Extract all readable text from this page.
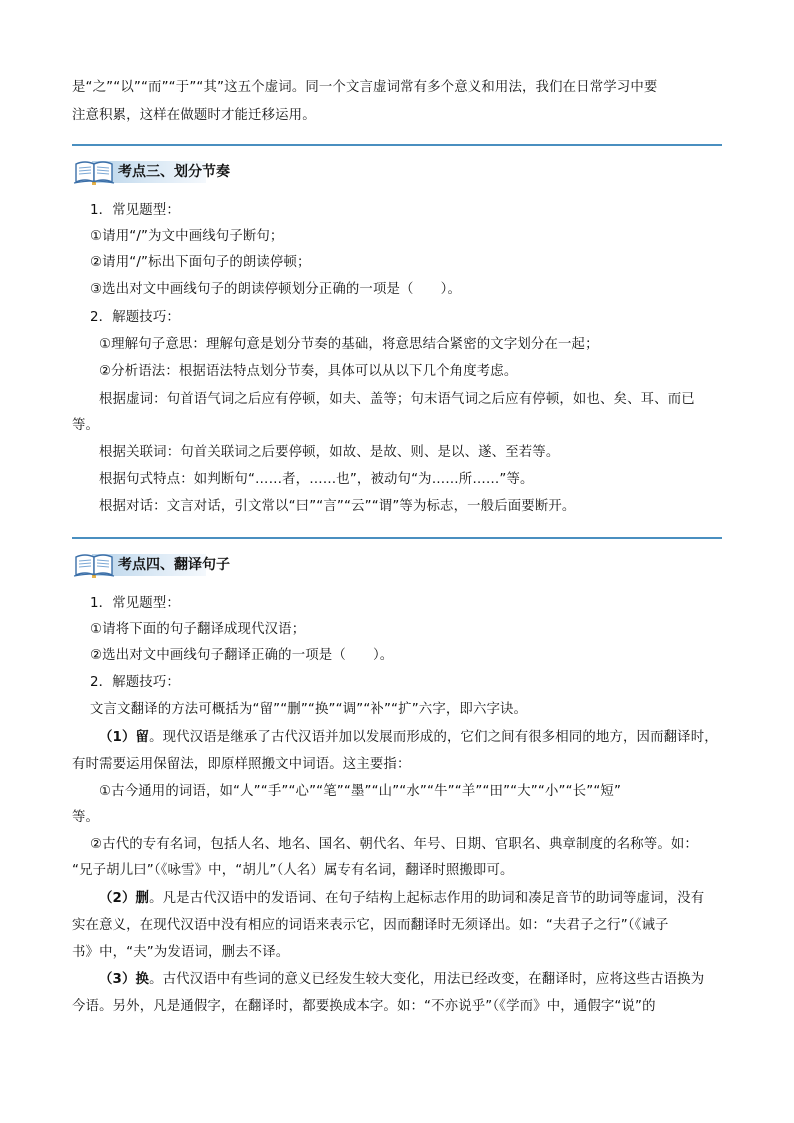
是“之”“以”“而”“于”“其”这五个虚词。同一个文言虚词常有多个意义和用法，我们在日常学习中要
注意积累，这样在做题时才能迁移运用。
考点三、划分节奏
1．常见题型：
①请用“/”为文中画线句子断句；
②请用“/”标出下面句子的朗读停顿；
③选出对文中画线句子的朗读停顿划分正确的一项是（　　）。
2．解题技巧：
①理解句子意思：理解句意是划分节奏的基础，将意思结合紧密的文字划分在一起；
②分析语法：根据语法特点划分节奏，具体可以从以下几个角度考虑。
根据虚词：句首语气词之后应有停顿，如夫、盖等；句末语气词之后应有停顿，如也、矣、耳、而已
等。
根据关联词：句首关联词之后要停顿，如故、是故、则、是以、遂、至若等。
根据句式特点：如判断句“……者，……也”，被动句“为……所……”等。
根据对话：文言对话，引文常以“曰”“言”“云”“谓”等为标志，一般后面要断开。
考点四、翻译句子
1．常见题型：
①请将下面的句子翻译成现代汉语；
②选出对文中画线句子翻译正确的一项是（　　）。
2．解题技巧：
文言文翻译的方法可概括为“留”“删”“换”“调”“补”“扩”六字，即六字诀。
（1）留。现代汉语是继承了古代汉语并加以发展而形成的，它们之间有很多相同的地方，因而翻译时，
有时需要运用保留法，即原样照搬文中词语。这主要指：
①古今通用的词语，如“人”“手”“心”“笔”“墨”“山”“水”“牛”“羊”“田”“大”“小”“长”“短”
等。
②古代的专有名词，包括人名、地名、国名、朝代名、年号、日期、官职名、典章制度的名称等。如：
“兄子胡儿曰”（《咏雪》中，“胡儿”（人名）属专有名词，翻译时照搬即可。
（2）删。凡是古代汉语中的发语词、在句子结构上起标志作用的助词和凑足音节的助词等虚词，没有
实在意义，在现代汉语中没有相应的词语来表示它，因而翻译时无须译出。如：“夫君子之行”（《诫子
书》中，“夫”为发语词，删去不译。
（3）换。古代汉语中有些词的意义已经发生较大变化，用法已经改变，在翻译时，应将这些古语换为
今语。另外，凡是通假字，在翻译时，都要换成本字。如：“不亦说乎”（《学而》中，通假字“说”的
